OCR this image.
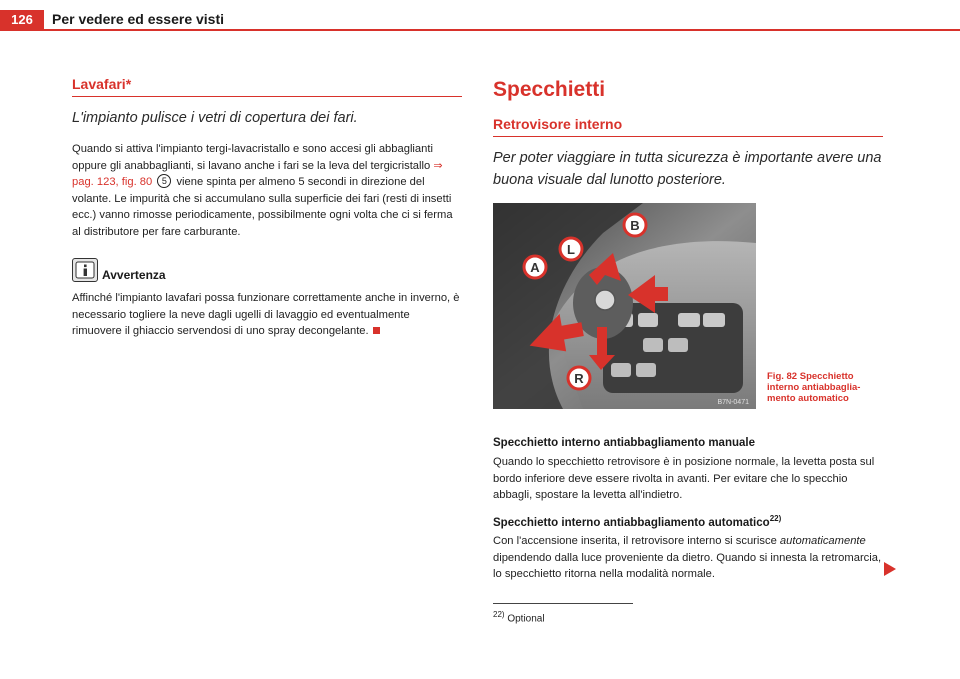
126	Per vedere ed essere visti
Lavafari*

L'impianto pulisce i vetri di copertura dei fari.

Quando si attiva l'impianto tergi-lavacristallo e sono accesi gli abbaglianti oppure gli anabbaglianti, si lavano anche i fari se la leva del tergicristallo ⇒ pag. 123, fig. 80 5 viene spinta per almeno 5 secondi in direzione del volante. Le impurità che si accumulano sulla superficie dei fari (resti di insetti ecc.) vanno rimosse periodicamente, possibilmente ogni volta che ci si ferma al distributore per fare carburante.

Avvertenza

Affinché l'impianto lavafari possa funzionare correttamente anche in inverno, è necessario togliere la neve dagli ugelli di lavaggio ed eventualmente rimuovere il ghiaccio servendosi di uno spray decongelante.

Specchietti
Retrovisore interno

Per poter viaggiare in tutta sicurezza è importante avere una buona visuale dal lunotto posteriore.

A
L
B
R
B7N-0471
Fig. 82 Specchietto interno antiabbaglia-mento automatico
Specchietto interno antiabbagliamento manuale

Quando lo specchietto retrovisore è in posizione normale, la levetta posta sul bordo inferiore deve essere rivolta in avanti. Per evitare che lo specchio abbagli, spostare la levetta all'indietro.

Specchietto interno antiabbagliamento automatico$^{22)}$

Con l'accensione inserita, il retrovisore interno si scurisce automaticamente dipendendo dalla luce proveniente da dietro. Quando si innesta la retromarcia, lo specchietto ritorna nella modalità normale.

$^{22)}$ Optional
